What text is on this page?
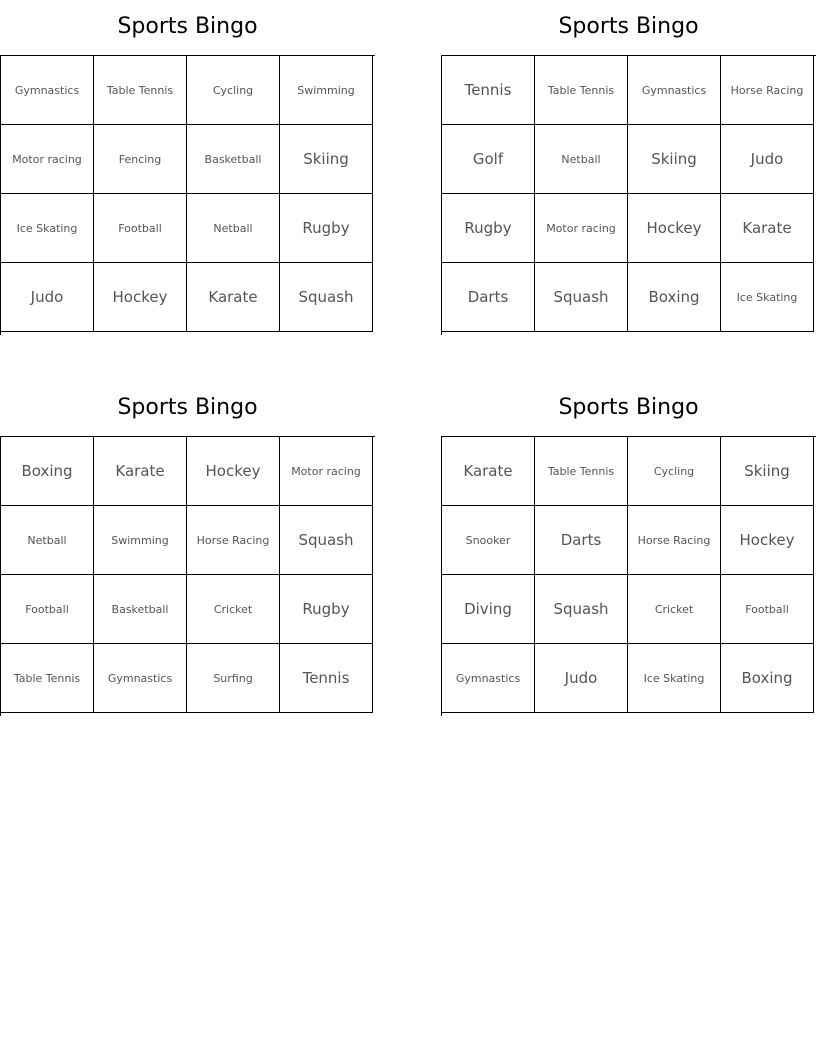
Sports Bingo
Gymnastics	Table Tennis	Cycling	Swimming
Motor racing	Fencing	Basketball	Skiing
Ice Skating	Football	Netball	Rugby
Judo	Hockey	Karate	Squash
Sports Bingo
Tennis	Table Tennis	Gymnastics	Horse Racing
Golf	Netball	Skiing	Judo
Rugby	Motor racing	Hockey	Karate
Darts	Squash	Boxing	Ice Skating
Sports Bingo
Boxing	Karate	Hockey	Motor racing
Netball	Swimming	Horse Racing	Squash
Football	Basketball	Cricket	Rugby
Table Tennis	Gymnastics	Surfing	Tennis
Sports Bingo
Karate	Table Tennis	Cycling	Skiing
Snooker	Darts	Horse Racing	Hockey
Diving	Squash	Cricket	Football
Gymnastics	Judo	Ice Skating	Boxing
